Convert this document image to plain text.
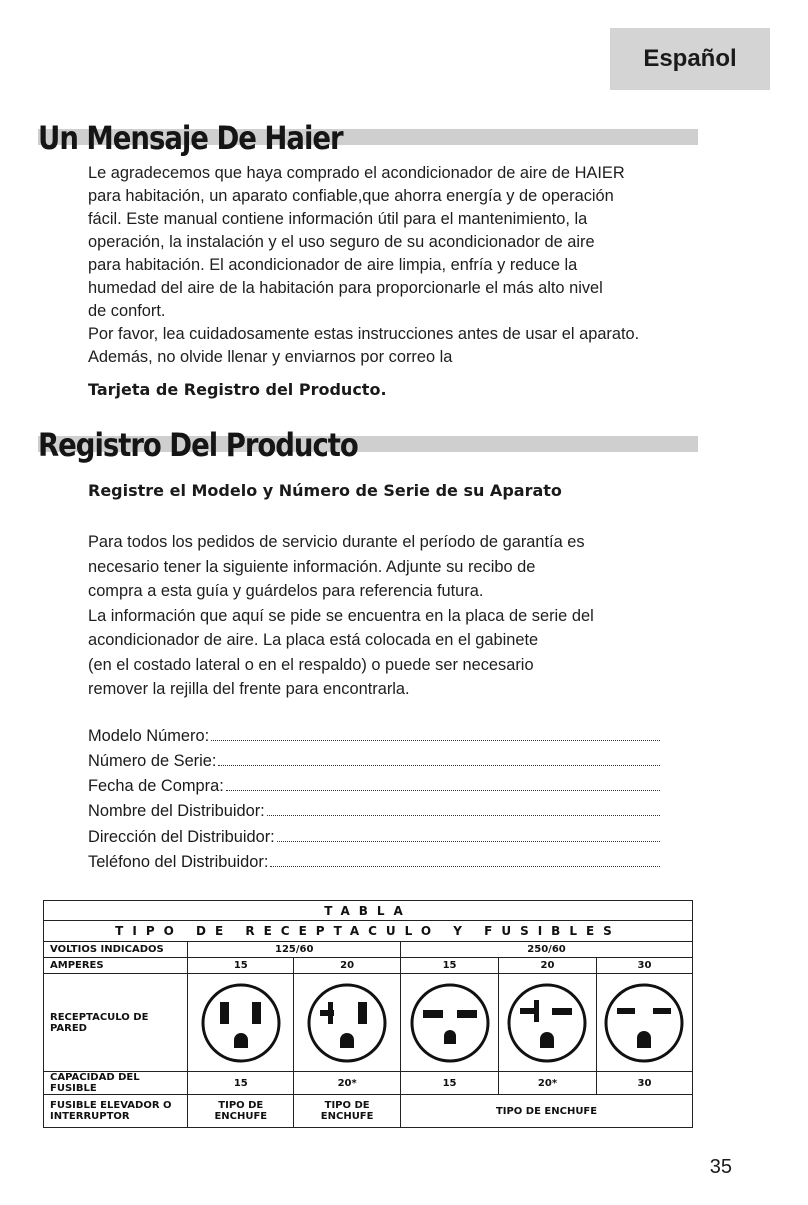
Español
Un Mensaje De Haier

Le agradecemos que haya comprado el acondicionador de aire de HAIER

para habitación, un aparato confiable,que ahorra energía y de operación

fácil. Este manual contiene información útil para el mantenimiento, la

operación, la instalación y el uso seguro de su acondicionador de aire

para habitación. El acondicionador de aire limpia, enfría y reduce la

humedad del aire de la habitación para proporcionarle el más alto nivel

de confort.

Por favor, lea cuidadosamente estas instrucciones antes de usar el aparato.

Además, no olvide llenar y enviarnos por correo la

Tarjeta de Registro del Producto.
Registro Del Producto
Registre el Modelo y Número de Serie de su Aparato

Para todos los pedidos de servicio durante el período de garantía es

necesario tener la siguiente información. Adjunte su recibo de

compra a esta guía y guárdelos para referencia futura.

La información que aquí se pide se encuentra en la placa de serie del

acondicionador de aire. La placa está colocada en el gabinete

(en el costado lateral o en el respaldo) o puede ser necesario

remover la rejilla del frente para encontrarla.

Modelo Número:
Número de Serie:
Fecha de Compra:
Nombre del Distribuidor:
Dirección del Distribuidor:
Teléfono del Distribuidor:
TABLA					
TIPO DE RECEPTACULO Y FUSIBLES					
VOLTIOS INDICADOS	125/60		250/60		
AMPERES	15	20	15	20	30
RECEPTACULO DE PARED	

CAPACIDAD DEL FUSIBLE	15	20*	15	20*	30
FUSIBLE ELEVADOR O INTERRUPTOR	TIPO DE ENCHUFE	TIPO DE ENCHUFE	TIPO DE ENCHUFE		
35
